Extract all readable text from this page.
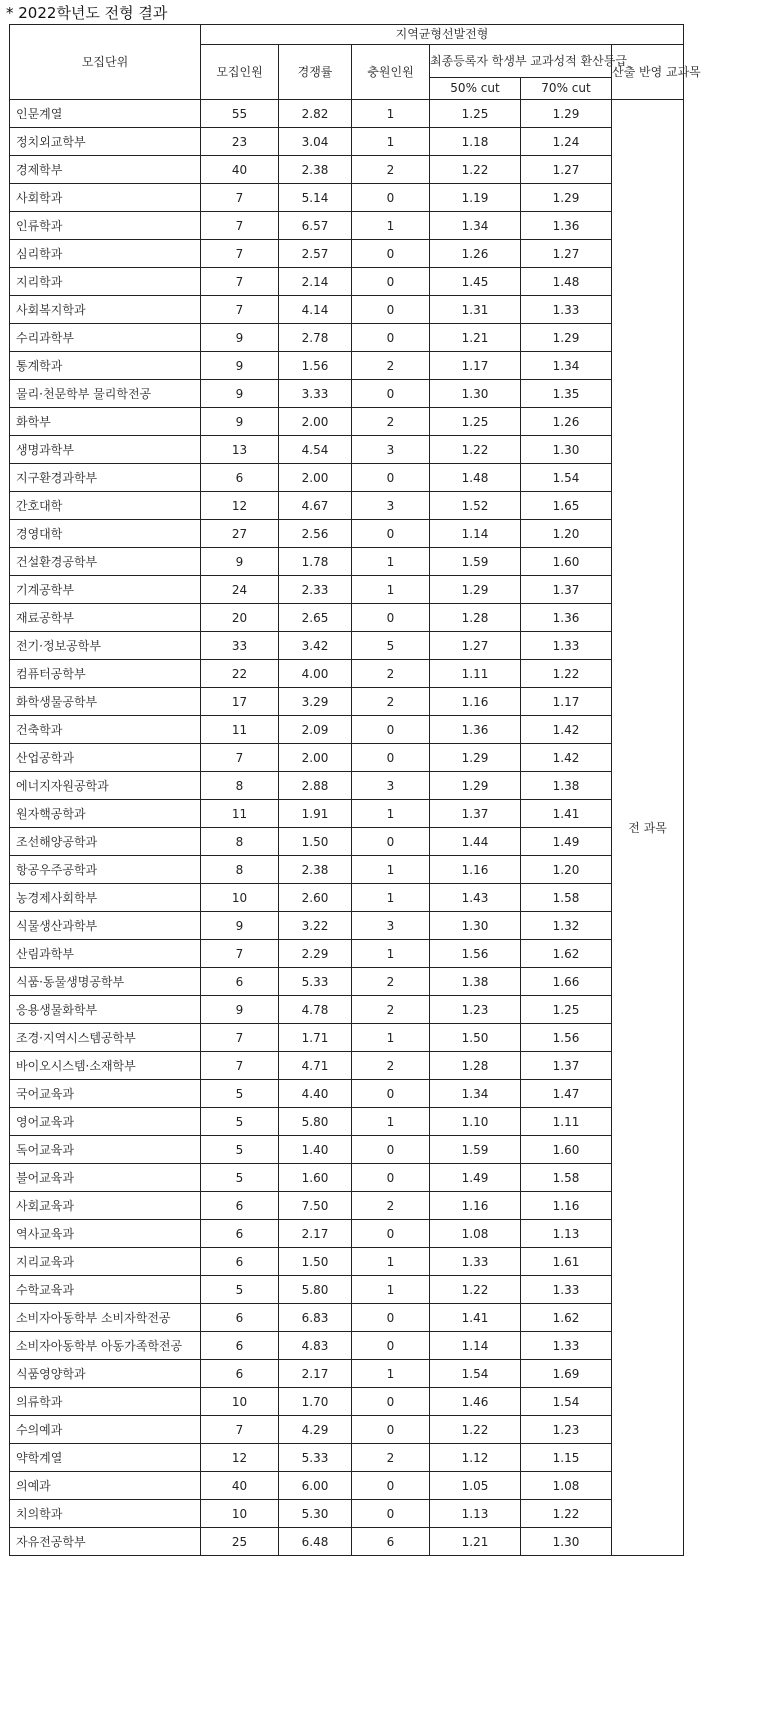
* 2022학년도 전형 결과
모집단위	지역균형선발전형					
	모집인원	경쟁률	충원인원	최종등록자 학생부 교과성적 환산등급		산출 반영 교과목
				50% cut	70% cut	
인문계열	55	2.82	1	1.25	1.29	전 과목
정치외교학부	23	3.04	1	1.18	1.24	
경제학부	40	2.38	2	1.22	1.27	
사회학과	7	5.14	0	1.19	1.29	
인류학과	7	6.57	1	1.34	1.36	
심리학과	7	2.57	0	1.26	1.27	
지리학과	7	2.14	0	1.45	1.48	
사회복지학과	7	4.14	0	1.31	1.33	
수리과학부	9	2.78	0	1.21	1.29	
통계학과	9	1.56	2	1.17	1.34	
물리·천문학부 물리학전공	9	3.33	0	1.30	1.35	
화학부	9	2.00	2	1.25	1.26	
생명과학부	13	4.54	3	1.22	1.30	
지구환경과학부	6	2.00	0	1.48	1.54	
간호대학	12	4.67	3	1.52	1.65	
경영대학	27	2.56	0	1.14	1.20	
건설환경공학부	9	1.78	1	1.59	1.60	
기계공학부	24	2.33	1	1.29	1.37	
재료공학부	20	2.65	0	1.28	1.36	
전기·정보공학부	33	3.42	5	1.27	1.33	
컴퓨터공학부	22	4.00	2	1.11	1.22	
화학생물공학부	17	3.29	2	1.16	1.17	
건축학과	11	2.09	0	1.36	1.42	
산업공학과	7	2.00	0	1.29	1.42	
에너지자원공학과	8	2.88	3	1.29	1.38	
원자핵공학과	11	1.91	1	1.37	1.41	
조선해양공학과	8	1.50	0	1.44	1.49	
항공우주공학과	8	2.38	1	1.16	1.20	
농경제사회학부	10	2.60	1	1.43	1.58	
식물생산과학부	9	3.22	3	1.30	1.32	
산림과학부	7	2.29	1	1.56	1.62	
식품·동물생명공학부	6	5.33	2	1.38	1.66	
응용생물화학부	9	4.78	2	1.23	1.25	
조경·지역시스템공학부	7	1.71	1	1.50	1.56	
바이오시스템·소재학부	7	4.71	2	1.28	1.37	
국어교육과	5	4.40	0	1.34	1.47	
영어교육과	5	5.80	1	1.10	1.11	
독어교육과	5	1.40	0	1.59	1.60	
불어교육과	5	1.60	0	1.49	1.58	
사회교육과	6	7.50	2	1.16	1.16	
역사교육과	6	2.17	0	1.08	1.13	
지리교육과	6	1.50	1	1.33	1.61	
수학교육과	5	5.80	1	1.22	1.33	
소비자아동학부 소비자학전공	6	6.83	0	1.41	1.62	
소비자아동학부 아동가족학전공	6	4.83	0	1.14	1.33	
식품영양학과	6	2.17	1	1.54	1.69	
의류학과	10	1.70	0	1.46	1.54	
수의예과	7	4.29	0	1.22	1.23	
약학계열	12	5.33	2	1.12	1.15	
의예과	40	6.00	0	1.05	1.08	
치의학과	10	5.30	0	1.13	1.22	
자유전공학부	25	6.48	6	1.21	1.30	
